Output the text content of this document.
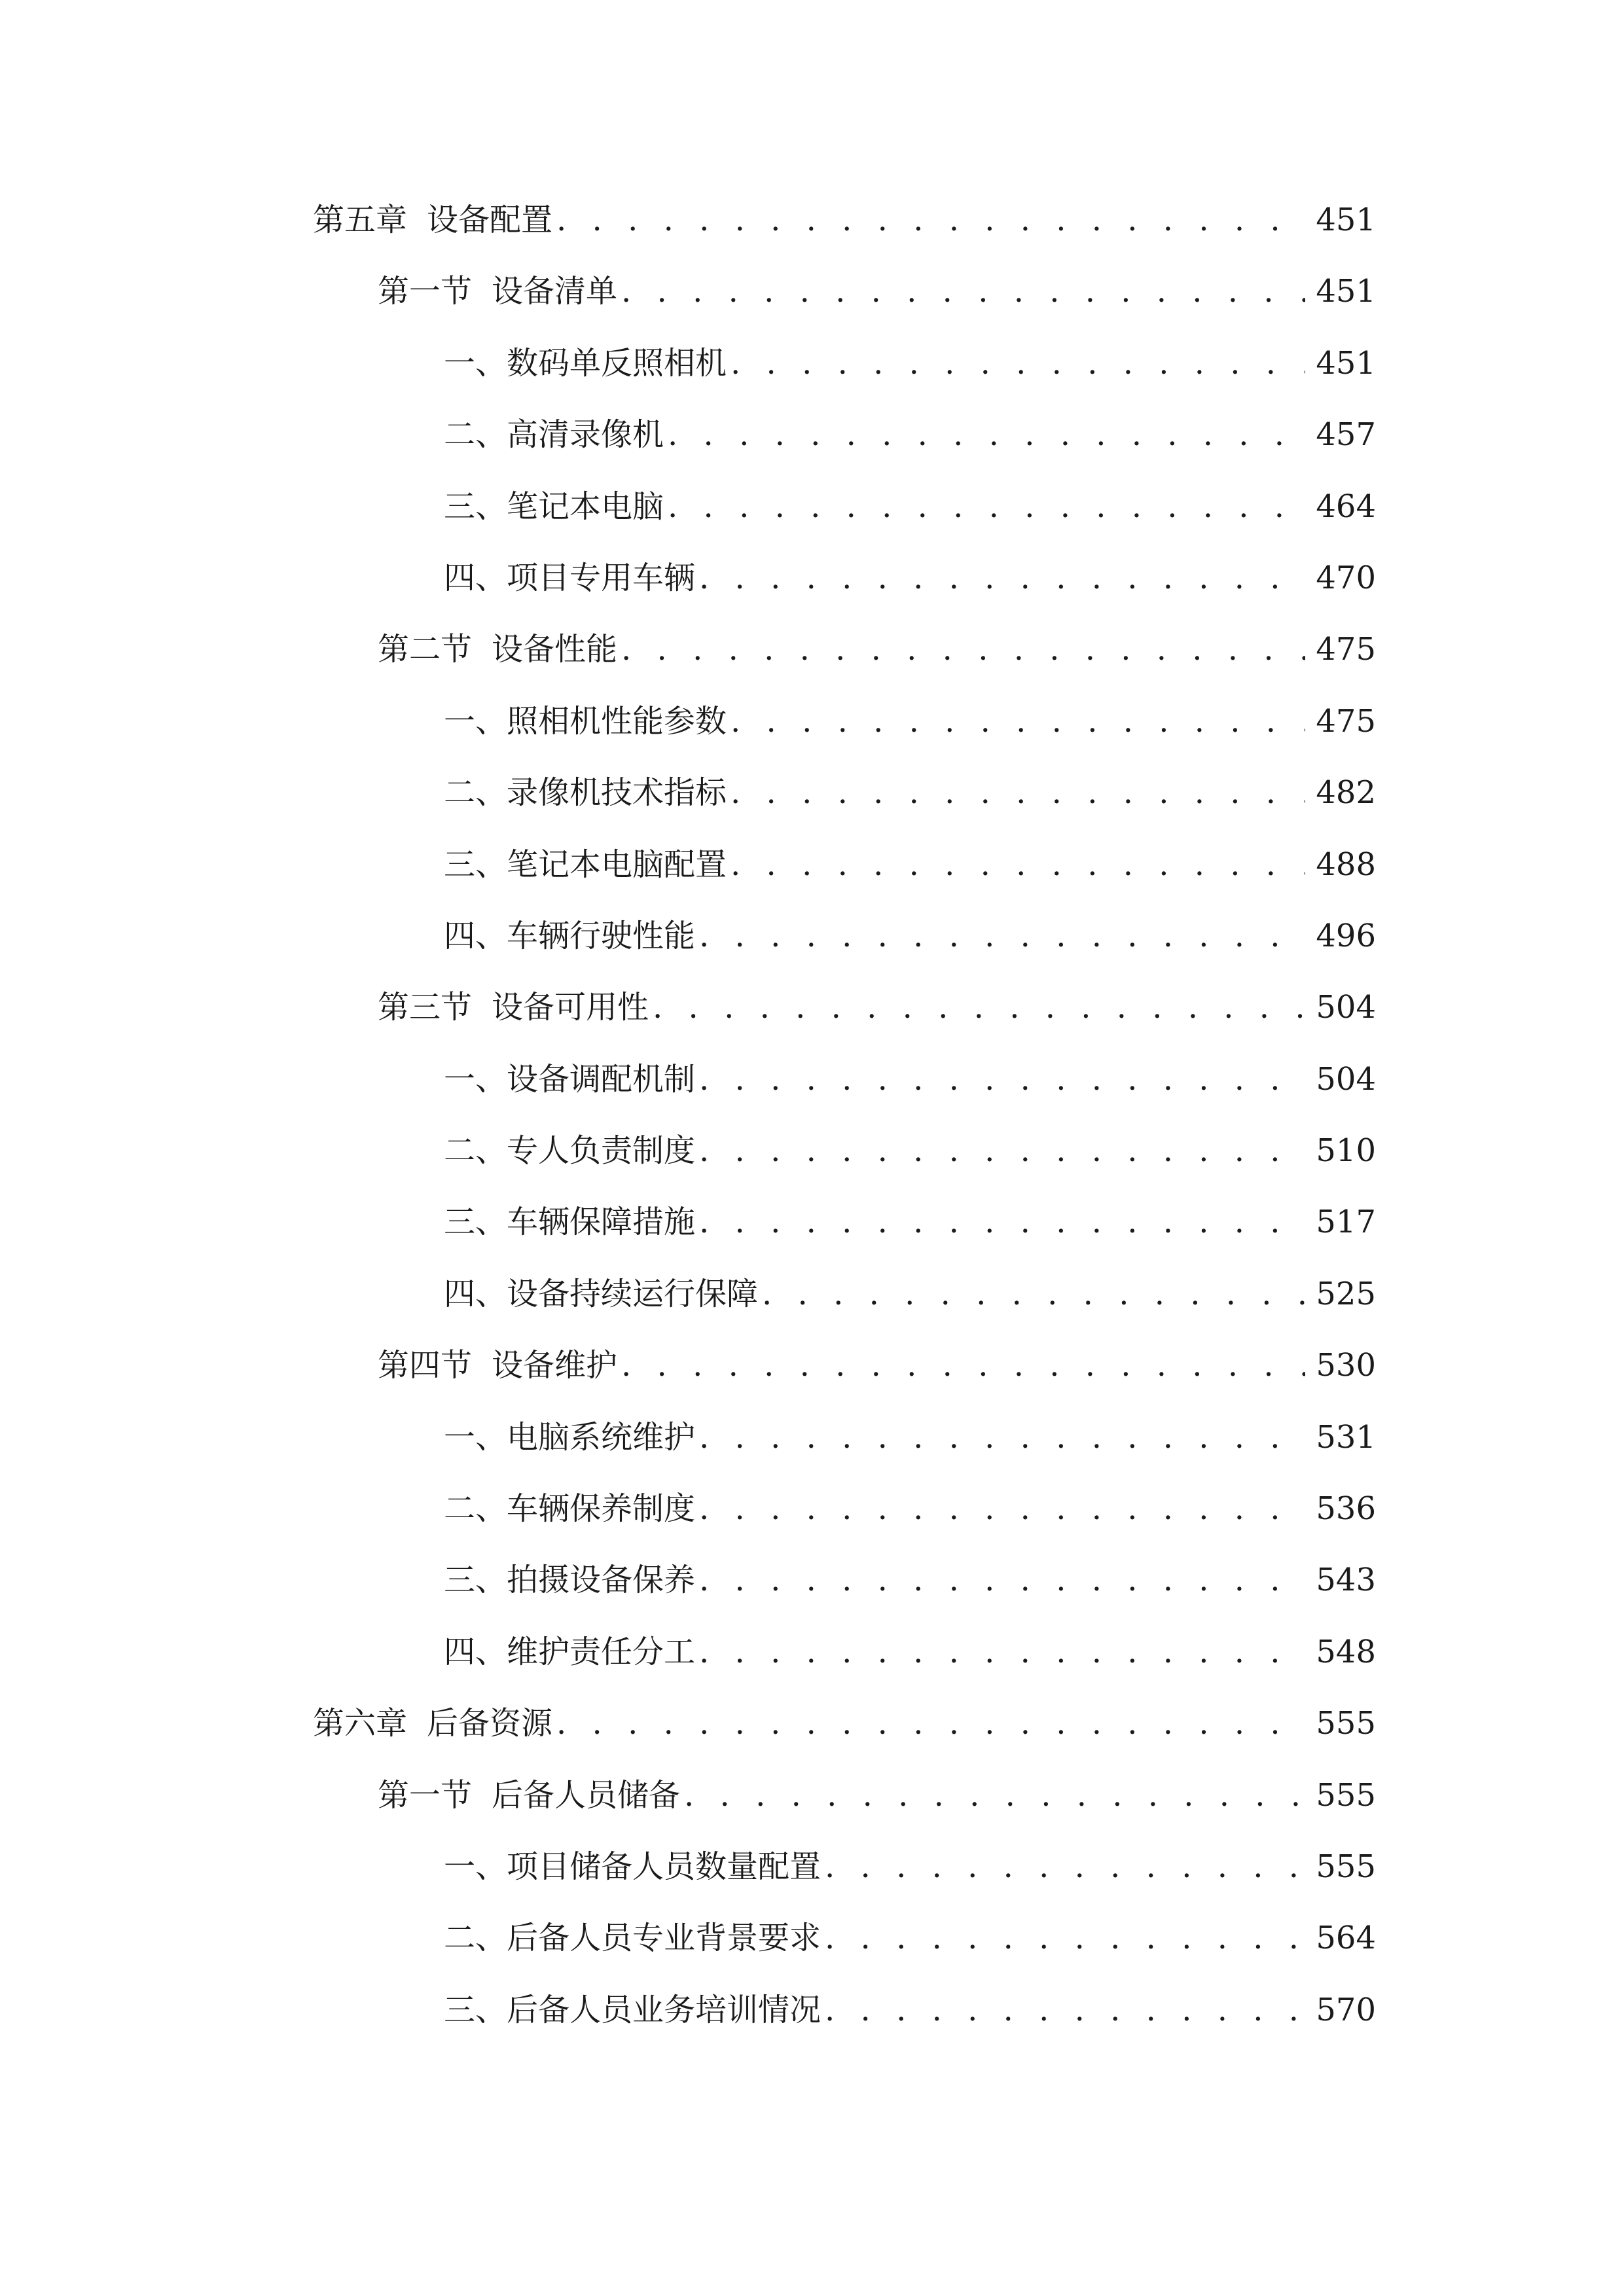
第五章 设备配置 . . .	451
第一节 设备清单 . . .	451
一、 数码单反照相机 . . .	451
二、 高清录像机 . . .	457
三、 笔记本电脑 . . .	464
四、 项目专用车辆 . . .	470
第二节 设备性能 . . .	475
一、 照相机性能参数 . . .	475
二、 录像机技术指标 . . .	482
三、 笔记本电脑配置 . . .	488
四、 车辆行驶性能 . . .	496
第三节 设备可用性 . . .	504
一、 设备调配机制 . . .	504
二、 专人负责制度 . . .	510
三、 车辆保障措施 . . .	517
四、 设备持续运行保障 . . .	525
第四节 设备维护 . . .	530
一、 电脑系统维护 . . .	531
二、 车辆保养制度 . . .	536
三、 拍摄设备保养 . . .	543
四、 维护责任分工 . . .	548
第六章 后备资源 . . .	555
第一节 后备人员储备 . . .	555
一、 项目储备人员数量配置 . . .	555
二、 后备人员专业背景要求 . . .	564
三、 后备人员业务培训情况 . . .	570
